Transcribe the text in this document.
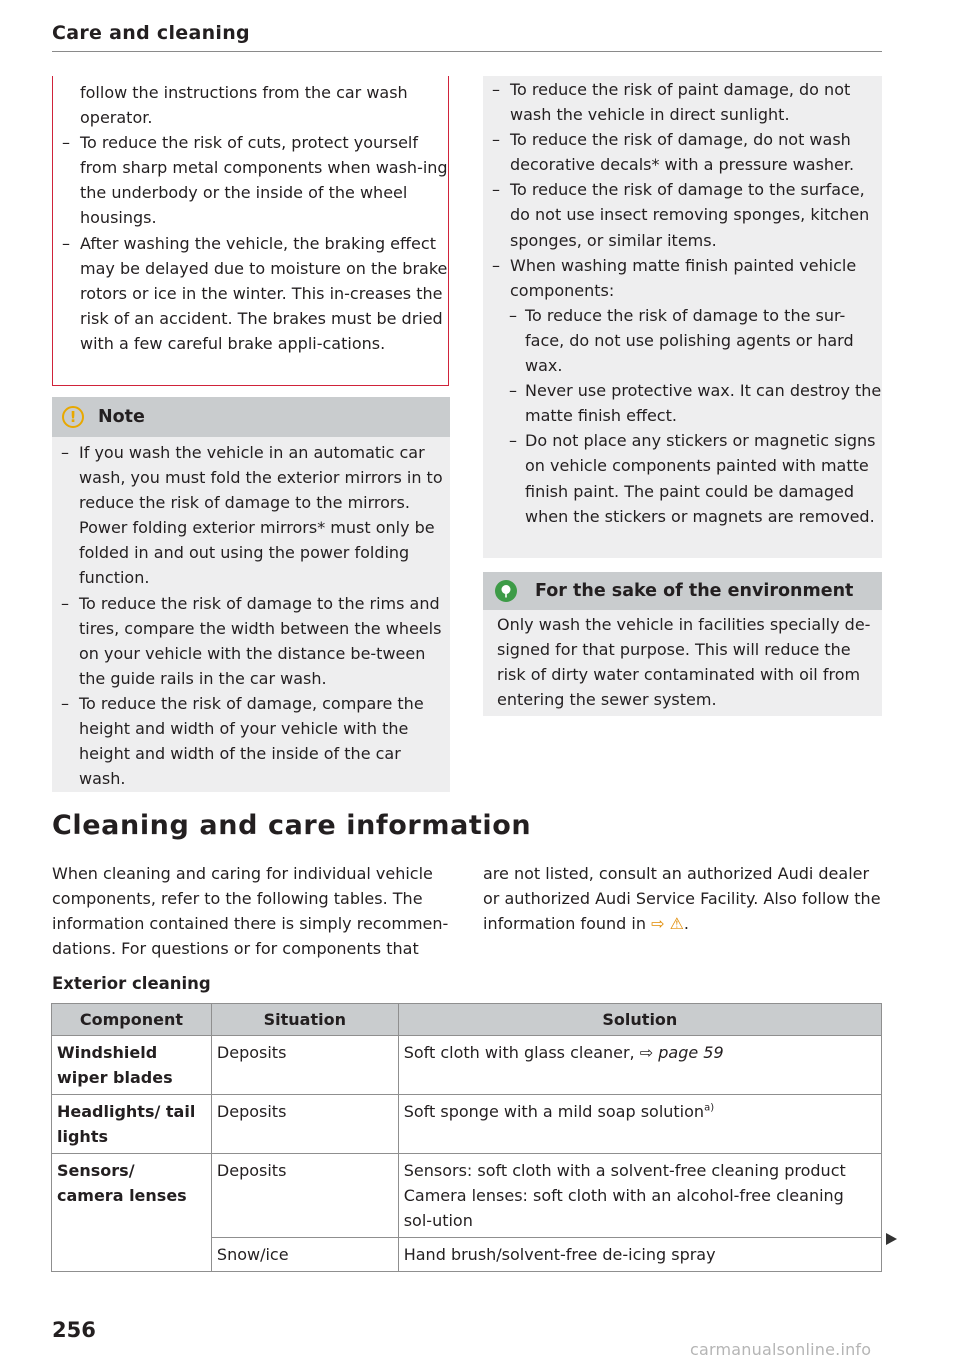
Care and cleaning

follow the instructions from the car wash operator.

– To reduce the risk of cuts, protect yourself from sharp metal components when wash-ing the underbody or the inside of the wheel housings.

– After washing the vehicle, the braking effect may be delayed due to moisture on the brake rotors or ice in the winter. This in-creases the risk of an accident. The brakes must be dried with a few careful brake appli-cations.

!	Note

– If you wash the vehicle in an automatic car wash, you must fold the exterior mirrors in to reduce the risk of damage to the mirrors. Power folding exterior mirrors* must only be folded in and out using the power folding function.

– To reduce the risk of damage to the rims and tires, compare the width between the wheels on your vehicle with the distance be-tween the guide rails in the car wash.

– To reduce the risk of damage, compare the height and width of your vehicle with the height and width of the inside of the car wash.

– To reduce the risk of paint damage, do not wash the vehicle in direct sunlight.

– To reduce the risk of damage, do not wash decorative decals* with a pressure washer.

– To reduce the risk of damage to the surface, do not use insect removing sponges, kitchen sponges, or similar items.

– When washing matte finish painted vehicle components:

– To reduce the risk of damage to the sur-face, do not use polishing agents or hard wax.

– Never use protective wax. It can destroy the matte finish effect.

– Do not place any stickers or magnetic signs on vehicle components painted with matte finish paint. The paint could be damaged when the stickers or magnets are removed.

For the sake of the environment

Only wash the vehicle in facilities specially de-signed for that purpose. This will reduce the risk of dirty water contaminated with oil from entering the sewer system.

Cleaning and care information

When cleaning and caring for individual vehicle components, refer to the following tables. The information contained there is simply recommen-dations. For questions or for components that

are not listed, consult an authorized Audi dealer or authorized Audi Service Facility. Also follow the information found in ⇨ ⚠.

Exterior cleaning
Component	Situation	Solution
Windshield wiper blades	Deposits	Soft cloth with glass cleaner, ⇨ page 59
Headlights/ tail lights	Deposits	Soft sponge with a mild soap solution$^{a)}$
Sensors/ camera lenses	Deposits	Sensors: soft cloth with a solvent-free cleaning product
Camera lenses: soft cloth with an alcohol-free cleaning sol-ution

	Snow/ice	Hand brush/solvent-free de-icing spray
256
carmanualsonline.info
